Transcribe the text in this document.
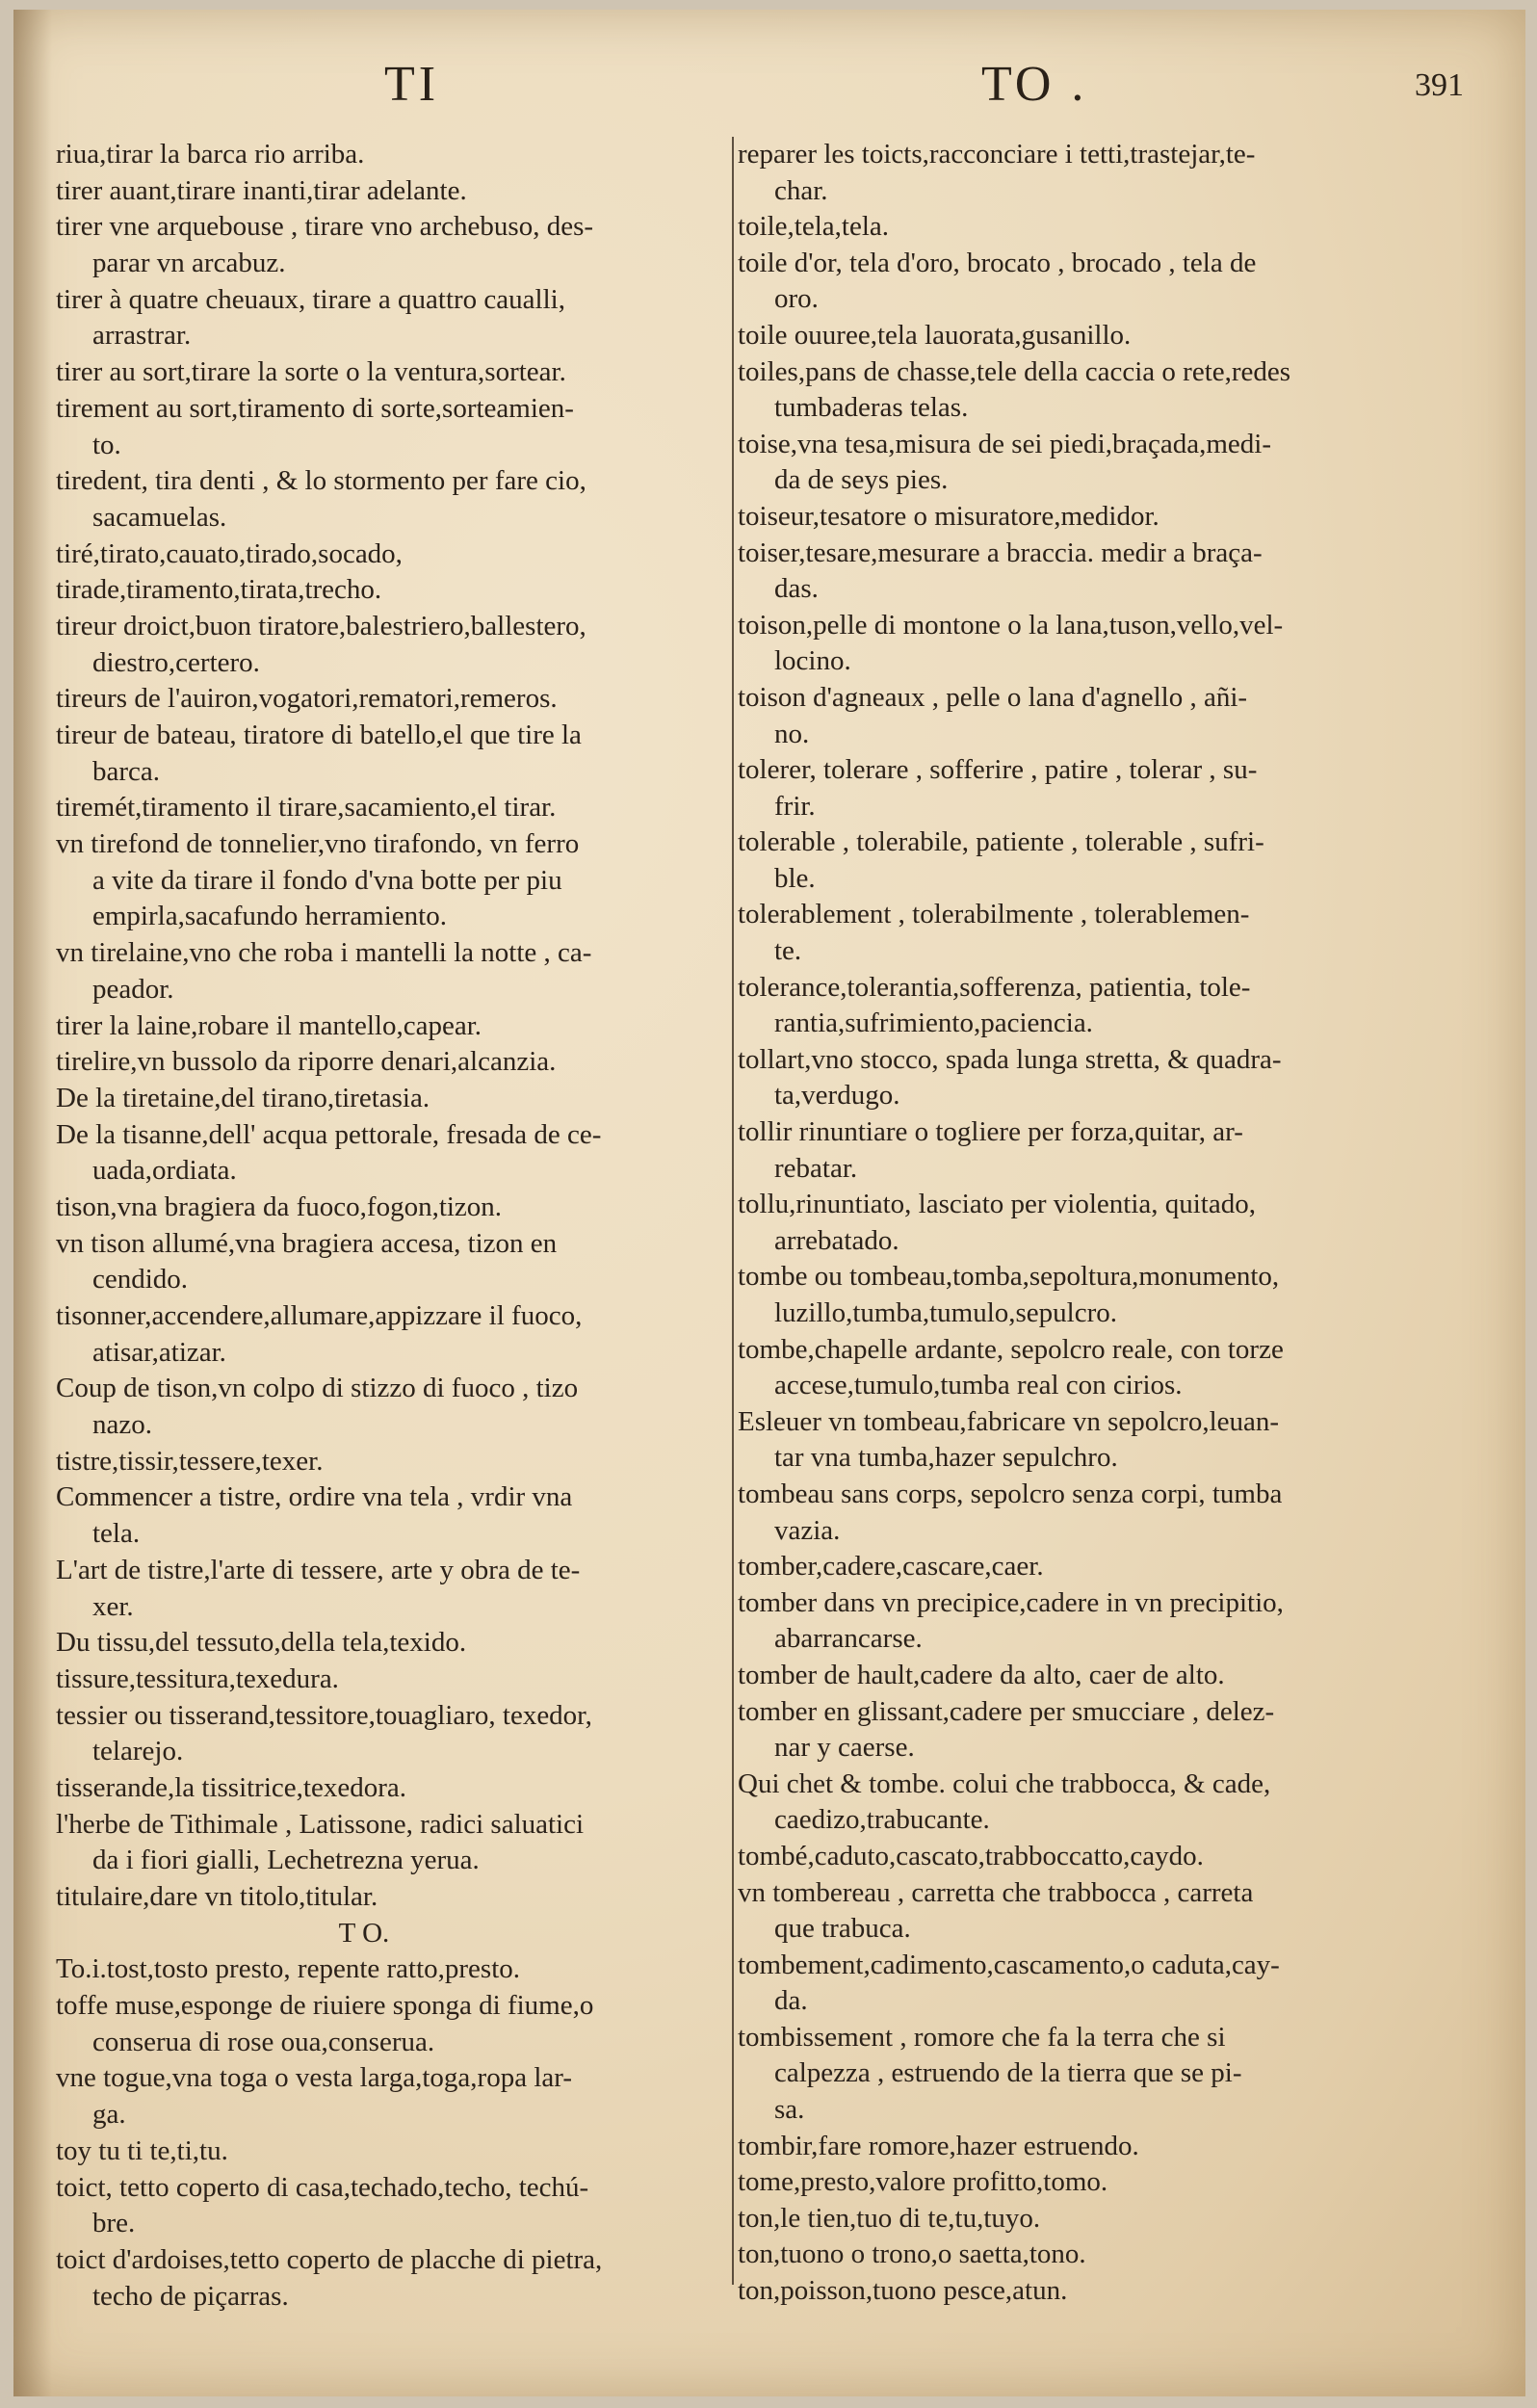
TI	TO .	391
riua,tirar la barca rio arriba.
tirer auant,tirare inanti,tirar adelante.
tirer vne arquebouse , tirare vno archebuso, des-
parar vn arcabuz.
tirer à quatre cheuaux, tirare a quattro caualli,
arrastrar.
tirer au sort,tirare la sorte o la ventura,sortear.
tirement au sort,tiramento di sorte,sorteamien-
to.
tiredent, tira denti , & lo stormento per fare cio,
sacamuelas.
tiré,tirato,cauato,tirado,socado,
tirade,tiramento,tirata,trecho.
tireur droict,buon tiratore,balestriero,ballestero,
diestro,certero.
tireurs de l'auiron,vogatori,rematori,remeros.
tireur de bateau, tiratore di batello,el que tire la
barca.
tiremét,tiramento il tirare,sacamiento,el tirar.
vn tirefond de tonnelier,vno tirafondo, vn ferro
a vite da tirare il fondo d'vna botte per piu
empirla,sacafundo herramiento.
vn tirelaine,vno che roba i mantelli la notte , ca-
peador.
tirer la laine,robare il mantello,capear.
tirelire,vn bussolo da riporre denari,alcanzia.
De la tiretaine,del tirano,tiretasia.
De la tisanne,dell' acqua pettorale, fresada de ce-
uada,ordiata.
tison,vna bragiera da fuoco,fogon,tizon.
vn tison allumé,vna bragiera accesa, tizon en
cendido.
tisonner,accendere,allumare,appizzare il fuoco,
atisar,atizar.
Coup de tison,vn colpo di stizzo di fuoco , tizo
nazo.
tistre,tissir,tessere,texer.
Commencer a tistre, ordire vna tela , vrdir vna
tela.
L'art de tistre,l'arte di tessere, arte y obra de te-
xer.
Du tissu,del tessuto,della tela,texido.
tissure,tessitura,texedura.
tessier ou tisserand,tessitore,touagliaro, texedor,
telarejo.
tisserande,la tissitrice,texedora.
l'herbe de Tithimale , Latissone, radici saluatici
da i fiori gialli, Lechetrezna yerua.
titulaire,dare vn titolo,titular.
T O.
To.i.tost,tosto presto, repente ratto,presto.
toffe muse,esponge de riuiere sponga di fiume,o
conserua di rose oua,conserua.
vne togue,vna toga o vesta larga,toga,ropa lar-
ga.
toy tu ti te,ti,tu.
toict, tetto coperto di casa,techado,techo, techú-
bre.
toict d'ardoises,tetto coperto de placche di pietra,
techo de piçarras.
reparer les toicts,racconciare i tetti,trastejar,te-
char.
toile,tela,tela.
toile d'or, tela d'oro, brocato , brocado , tela de
oro.
toile ouuree,tela lauorata,gusanillo.
toiles,pans de chasse,tele della caccia o rete,redes
tumbaderas telas.
toise,vna tesa,misura de sei piedi,braçada,medi-
da de seys pies.
toiseur,tesatore o misuratore,medidor.
toiser,tesare,mesurare a braccia. medir a braça-
das.
toison,pelle di montone o la lana,tuson,vello,vel-
locino.
toison d'agneaux , pelle o lana d'agnello , añi-
no.
tolerer, tolerare , sofferire , patire , tolerar , su-
frir.
tolerable , tolerabile, patiente , tolerable , sufri-
ble.
tolerablement , tolerabilmente , tolerablemen-
te.
tolerance,tolerantia,sofferenza, patientia, tole-
rantia,sufrimiento,paciencia.
tollart,vno stocco, spada lunga stretta, & quadra-
ta,verdugo.
tollir rinuntiare o togliere per forza,quitar, ar-
rebatar.
tollu,rinuntiato, lasciato per violentia, quitado,
arrebatado.
tombe ou tombeau,tomba,sepoltura,monumento,
luzillo,tumba,tumulo,sepulcro.
tombe,chapelle ardante, sepolcro reale, con torze
accese,tumulo,tumba real con cirios.
Esleuer vn tombeau,fabricare vn sepolcro,leuan-
tar vna tumba,hazer sepulchro.
tombeau sans corps, sepolcro senza corpi, tumba
vazia.
tomber,cadere,cascare,caer.
tomber dans vn precipice,cadere in vn precipitio,
abarrancarse.
tomber de hault,cadere da alto, caer de alto.
tomber en glissant,cadere per smucciare , delez-
nar y caerse.
Qui chet & tombe. colui che trabbocca, & cade,
caedizo,trabucante.
tombé,caduto,cascato,trabboccatto,caydo.
vn tombereau , carretta che trabbocca , carreta
que trabuca.
tombement,cadimento,cascamento,o caduta,cay-
da.
tombissement , romore che fa la terra che si
calpezza , estruendo de la tierra que se pi-
sa.
tombir,fare romore,hazer estruendo.
tome,presto,valore profitto,tomo.
ton,le tien,tuo di te,tu,tuyo.
ton,tuono o trono,o saetta,tono.
ton,poisson,tuono pesce,atun.
